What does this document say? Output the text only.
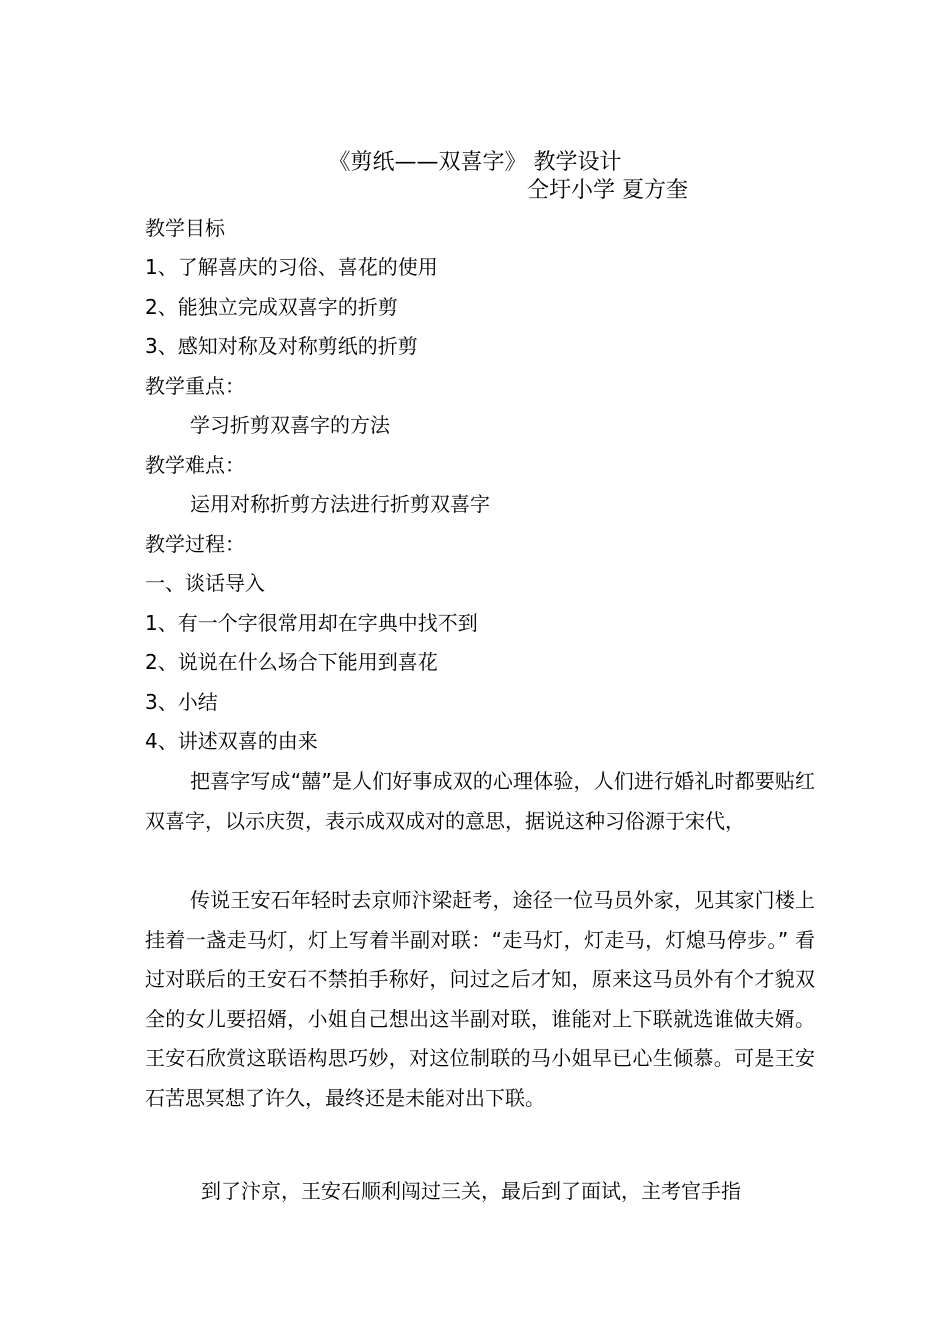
《剪纸——双喜字》 教学设计
仝圩小学 夏方奎
教学目标
1、了解喜庆的习俗、喜花的使用
2、能独立完成双喜字的折剪
3、感知对称及对称剪纸的折剪
教学重点：
学习折剪双喜字的方法
教学难点：
运用对称折剪方法进行折剪双喜字
教学过程：
一、谈话导入
1、有一个字很常用却在字典中找不到
2、说说在什么场合下能用到喜花
3、小结
4、讲述双喜的由来
把喜字写成“囍”是人们好事成双的心理体验，人们进行婚礼时都要贴红双喜字，以示庆贺，表示成双成对的意思，据说这种习俗源于宋代，
传说王安石年轻时去京师汴梁赶考，途径一位马员外家，见其家门楼上挂着一盏走马灯，灯上写着半副对联：“走马灯，灯走马，灯熄马停步。” 看过对联后的王安石不禁拍手称好，问过之后才知，原来这马员外有个才貌双全的女儿要招婿，小姐自己想出这半副对联，谁能对上下联就选谁做夫婿。王安石欣赏这联语构思巧妙，对这位制联的马小姐早已心生倾慕。可是王安石苦思冥想了许久，最终还是未能对出下联。
到了汴京，王安石顺利闯过三关，最后到了面试，主考官手指
